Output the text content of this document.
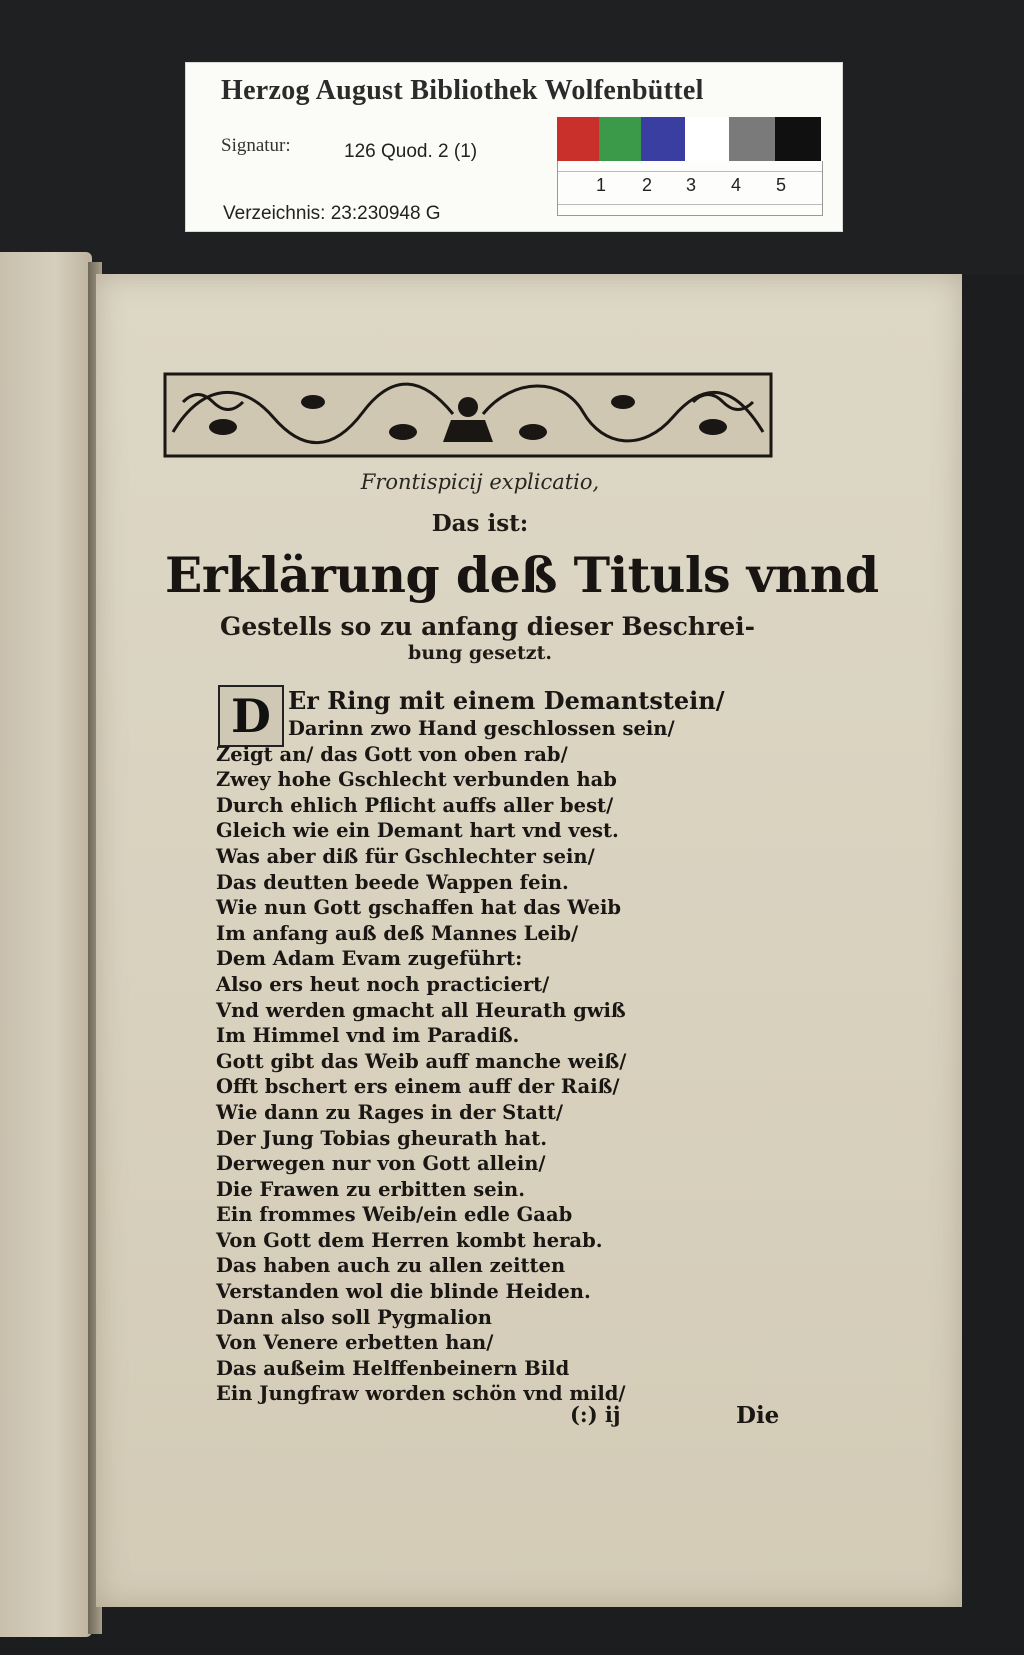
Herzog August Bibliothek Wolfenbüttel
Signatur:	126 Quod. 2 (1)
Verzeichnis: 23:230948 G
1 2 3 4 5
Frontispicij explicatio,
Das ist:
Erklärung deß Tituls vnnd
Gestells so zu anfang dieser Beschrei-
bung gesetzt.
D Er Ring mit einem Demantstein/
Darinn zwo Hand geschlossen sein/
Zeigt an/ das Gott von oben rab/
Zwey hohe Gschlecht verbunden hab
Durch ehlich Pflicht auffs aller best/
Gleich wie ein Demant hart vnd vest.
Was aber diß für Gschlechter sein/
Das deutten beede Wappen fein.
Wie nun Gott gschaffen hat das Weib
Im anfang auß deß Mannes Leib/
Dem Adam Evam zugeführt:
Also ers heut noch practiciert/
Vnd werden gmacht all Heurath gwiß
Im Himmel vnd im Paradiß.
Gott gibt das Weib auff manche weiß/
Offt bschert ers einem auff der Raiß/
Wie dann zu Rages in der Statt/
Der Jung Tobias gheurath hat.
Derwegen nur von Gott allein/
Die Frawen zu erbitten sein.
Ein frommes Weib/ein edle Gaab
Von Gott dem Herren kombt herab.
Das haben auch zu allen zeitten
Verstanden wol die blinde Heiden.
Dann also soll Pygmalion
Von Venere erbetten han/
Das außeim Helffenbeinern Bild
Ein Jungfraw worden schön vnd mild/
(:) ij	Die
